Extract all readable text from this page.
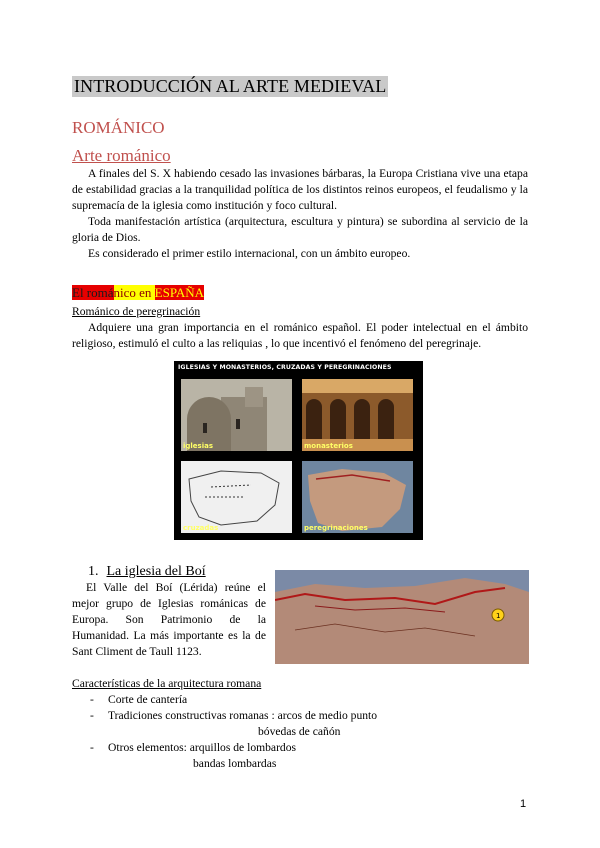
INTRODUCCIÓN AL ARTE MEDIEVAL
ROMÁNICO
Arte románico

A finales del S. X habiendo cesado las invasiones bárbaras, la Europa Cristiana vive una etapa de estabilidad gracias a la tranquilidad política de los distintos reinos europeos, el feudalismo y la supremacía de la iglesia como institución y foco cultural.

Toda manifestación artística (arquitectura, escultura y pintura) se subordina al servicio de la gloria de Dios.

Es considerado el primer estilo internacional, con un ámbito europeo.

El románico en ESPAÑA
Románico de peregrinación

Adquiere una gran importancia en el románico español. El poder intelectual en el ámbito religioso, estimuló el culto a las reliquias , lo que incentivó el fenómeno del peregrinaje.

IGLESIAS Y MONASTERIOS, CRUZADAS Y PEREGRINACIONES
iglesias	monasterios
cruzadas	peregrinaciones
1. La iglesia del Boí

El Valle del Boí (Lérida) reúne el mejor grupo de Iglesias románicas de Europa. Son Patrimonio de la Humanidad. La más importante es la de Sant Climent de Taull 1123.

1
Características de la arquitectura romana
- Corte de cantería
- Tradiciones constructivas romanas : arcos de medio punto
bóvedas de cañón
- Otros elementos: arquillos de lombardos
bandas lombardas
1
